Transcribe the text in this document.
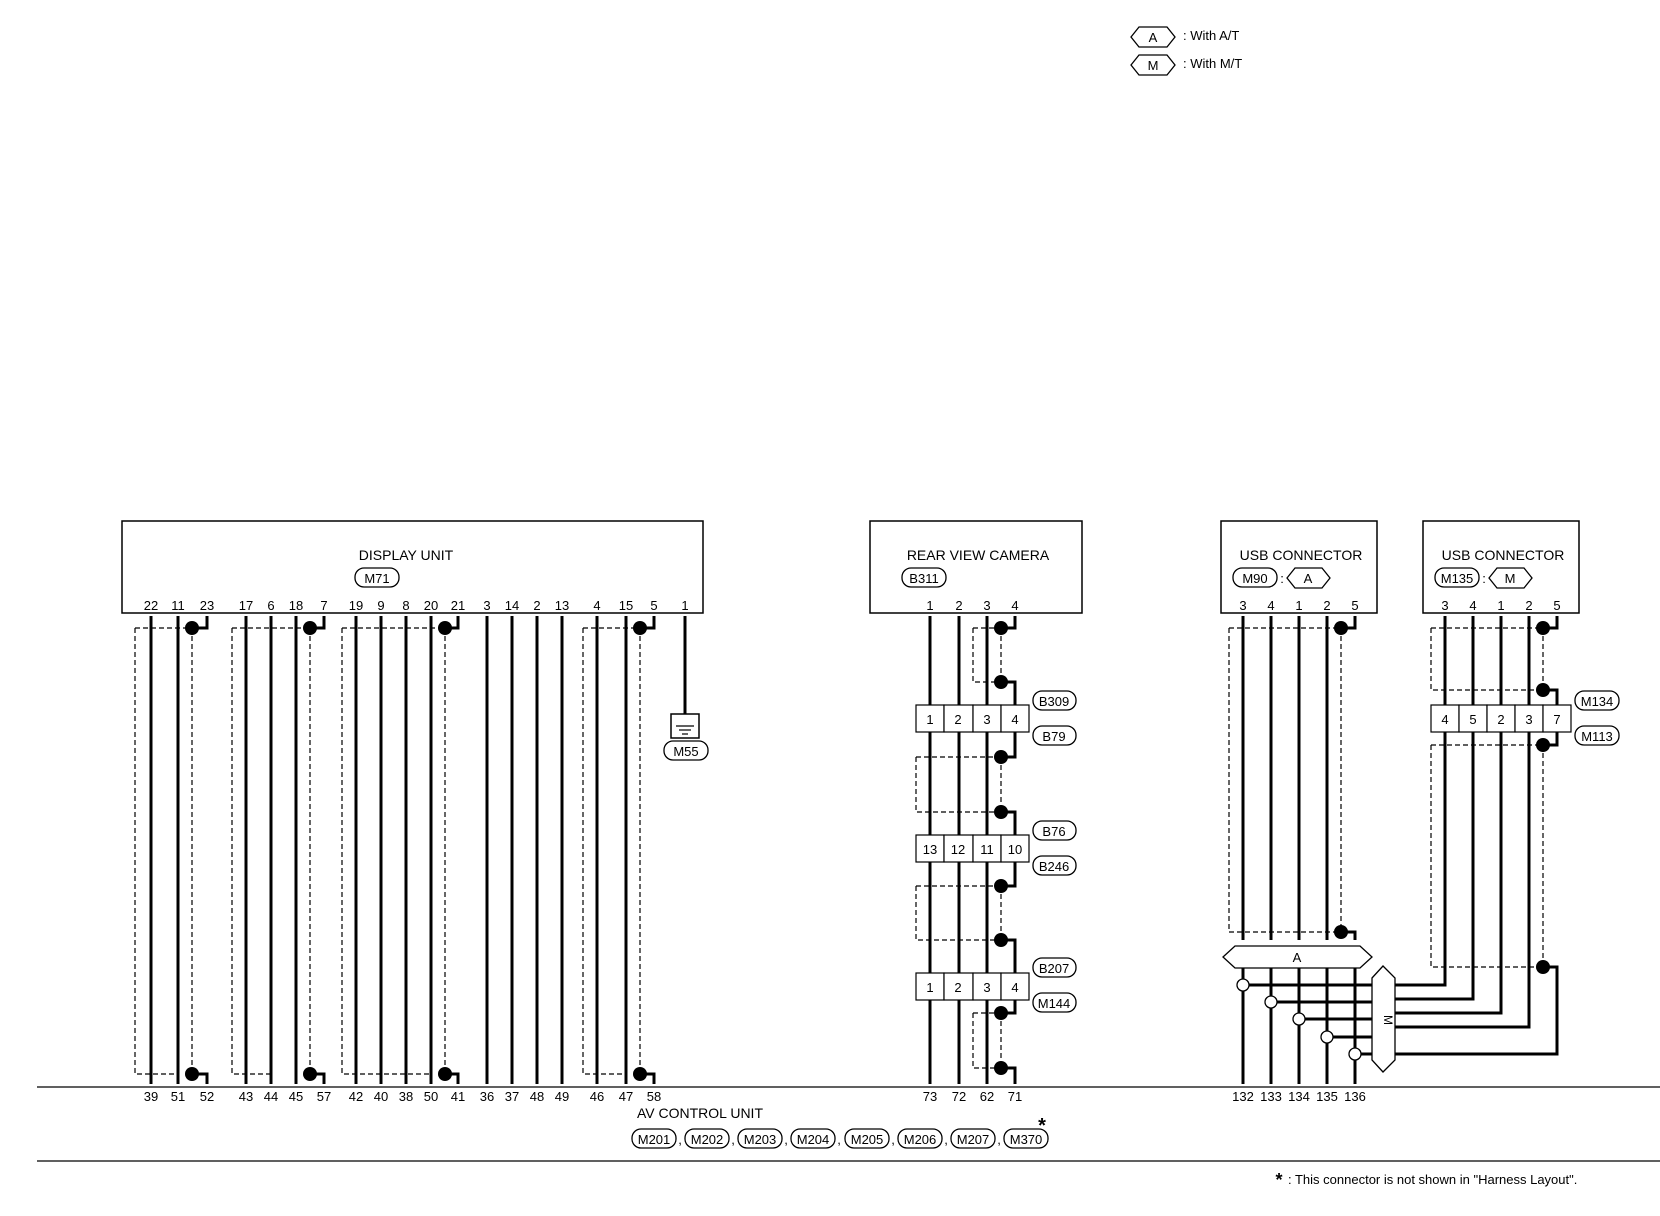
A : With A/T
M : With M/T
DISPLAY UNIT
M71
22 11 23 17 6 18 7 19 9 8 20 21 3 14 2 13 4 15 5 1
M55
REAR VIEW CAMERA
B311
1 2 3 4
1 2 3 4
B309
B79
13 12 11 10
B76
B246
1 2 3 4
B207
M144
USB CONNECTOR
M90 : A
3 4 1 2 5
USB CONNECTOR
M135 : M
3 4 1 2 5
4 5 2 3 7
M134
M113
A
M
39 51 52 43 44 45 57 42 40 38 50 41 36 37 48 49 46 47 58	73 72 62 71	132 133 134 135 136
AV CONTROL UNIT
M201 , M202 , M203 , M204 , M205 , M206 , M207 , M370
*
* : This connector is not shown in "Harness Layout".
